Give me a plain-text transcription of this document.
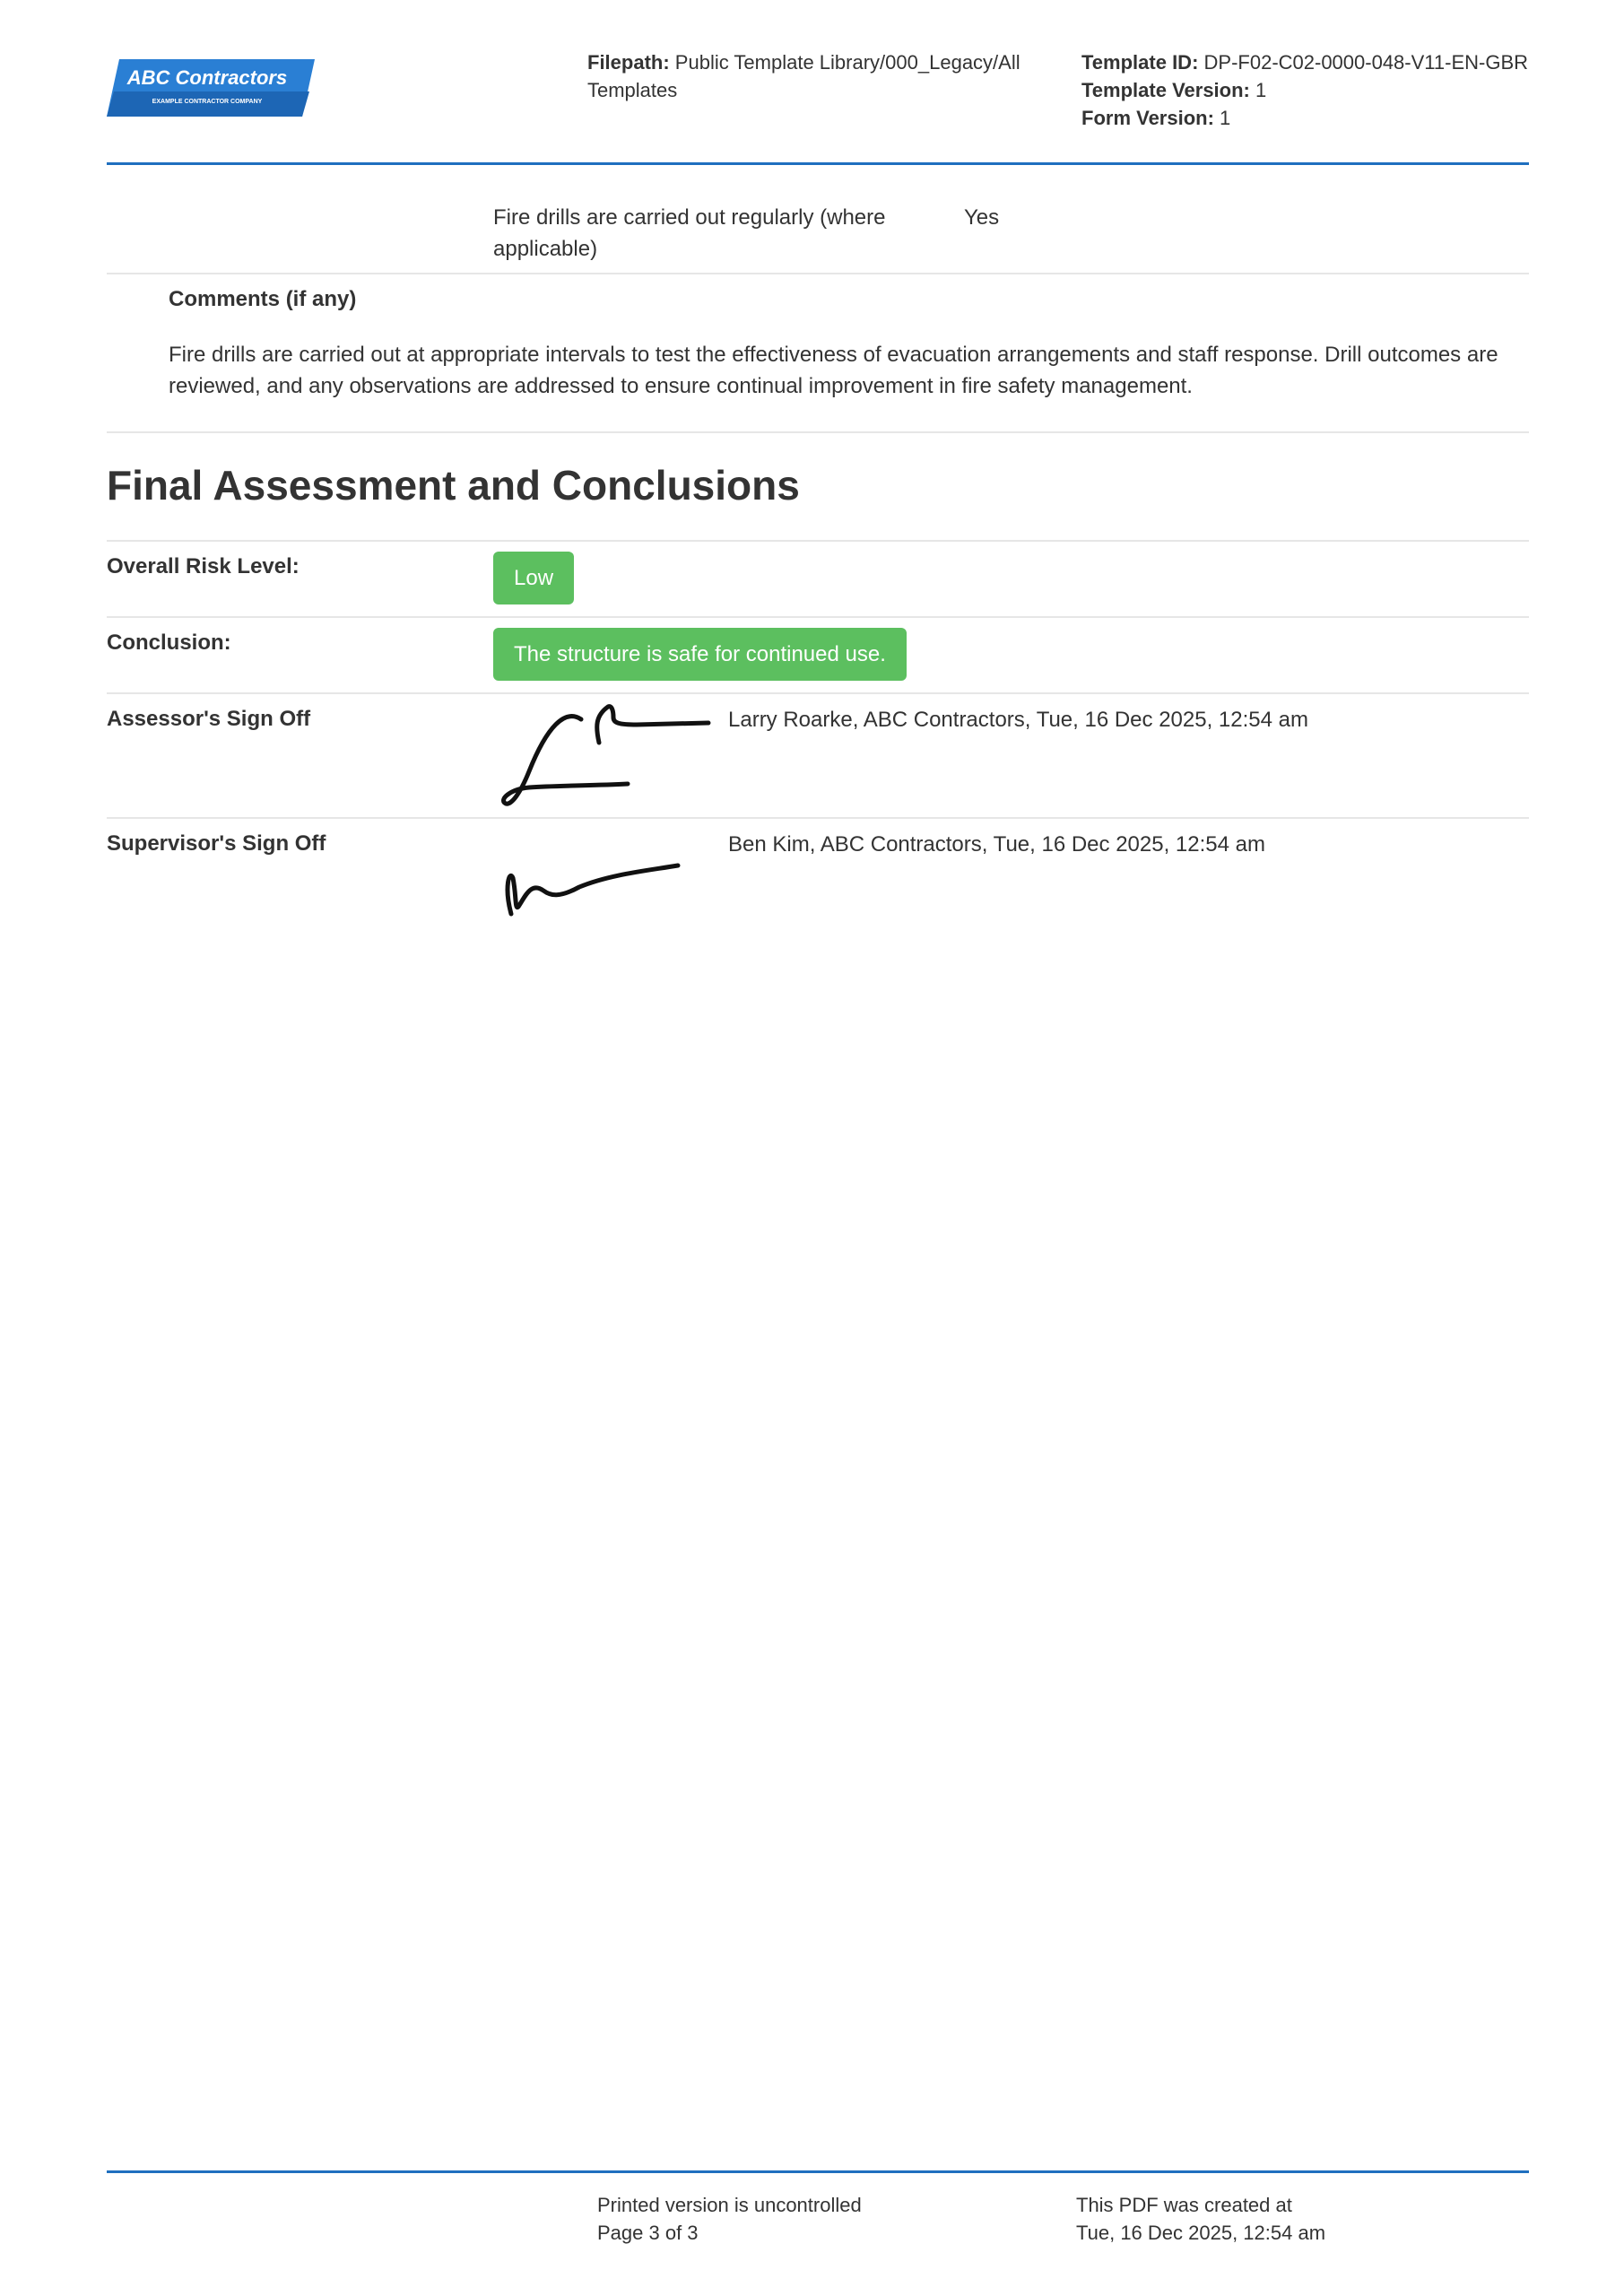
ABC Contractors
EXAMPLE CONTRACTOR COMPANY
Filepath: Public Template Library/000_Legacy/All Templates
Template ID: DP-F02-C02-0000-048-V11-EN-GBR
Template Version: 1
Form Version: 1
Fire drills are carried out regularly (where applicable)
Yes
Comments (if any)
Fire drills are carried out at appropriate intervals to test the effectiveness of evacuation arrangements and staff response. Drill outcomes are reviewed, and any observations are addressed to ensure continual improvement in fire safety management.
Final Assessment and Conclusions
Overall Risk Level:	Low
Conclusion:	The structure is safe for continued use.
Assessor's Sign Off	Larry Roarke, ABC Contractors, Tue, 16 Dec 2025, 12:54 am
Supervisor's Sign Off	Ben Kim, ABC Contractors, Tue, 16 Dec 2025, 12:54 am
Printed version is uncontrolled
Page 3 of 3
This PDF was created at
Tue, 16 Dec 2025, 12:54 am
